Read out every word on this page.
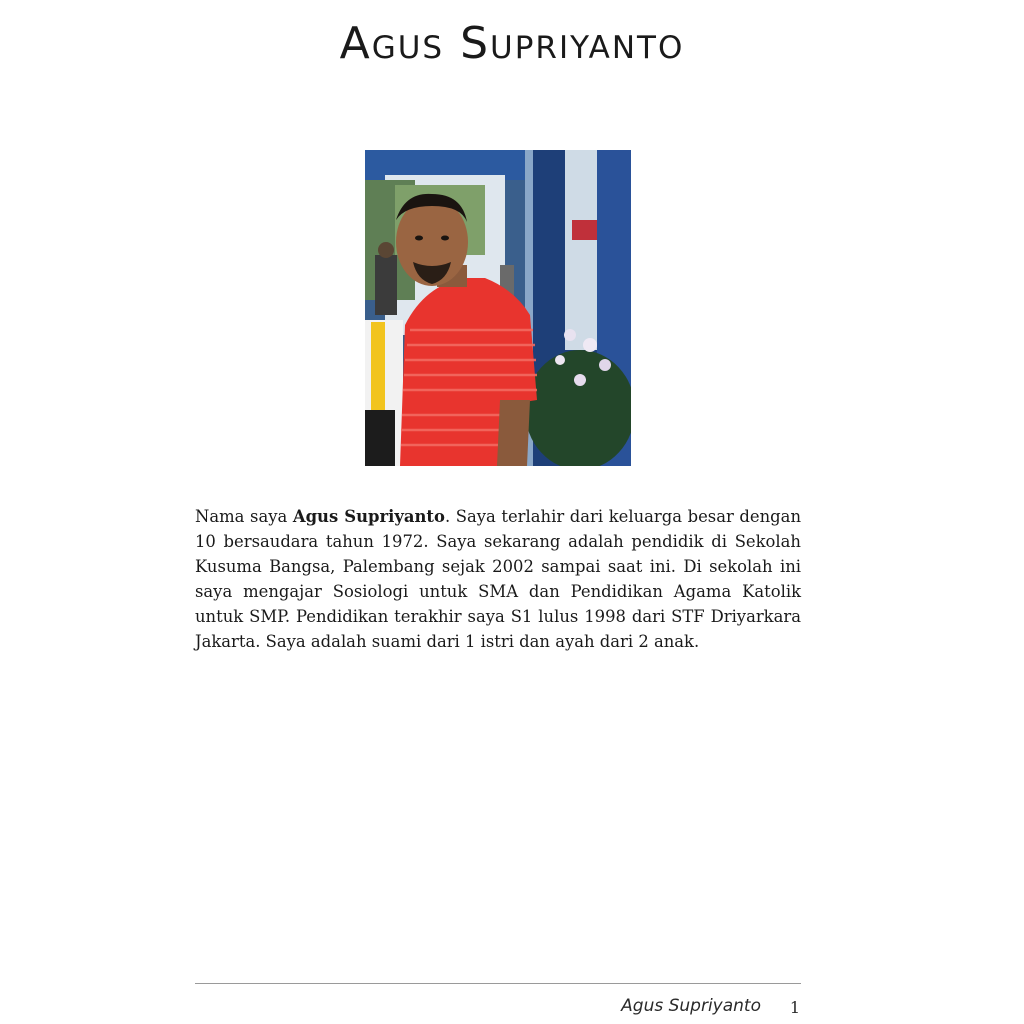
Agus Supriyanto

Nama saya Agus Supriyanto. Saya terlahir dari keluarga besar dengan 10 bersaudara tahun 1972. Saya sekarang adalah pendidik di Sekolah Kusuma Bangsa, Palembang sejak 2002 sampai saat ini. Di sekolah ini saya mengajar Sosiologi untuk SMA dan Pendidikan Agama Katolik untuk SMP. Pendidikan terakhir saya S1 lulus 1998 dari STF Driyarkara Jakarta. Saya adalah suami dari 1 istri dan ayah dari 2 anak.

Agus Supriyanto 1
